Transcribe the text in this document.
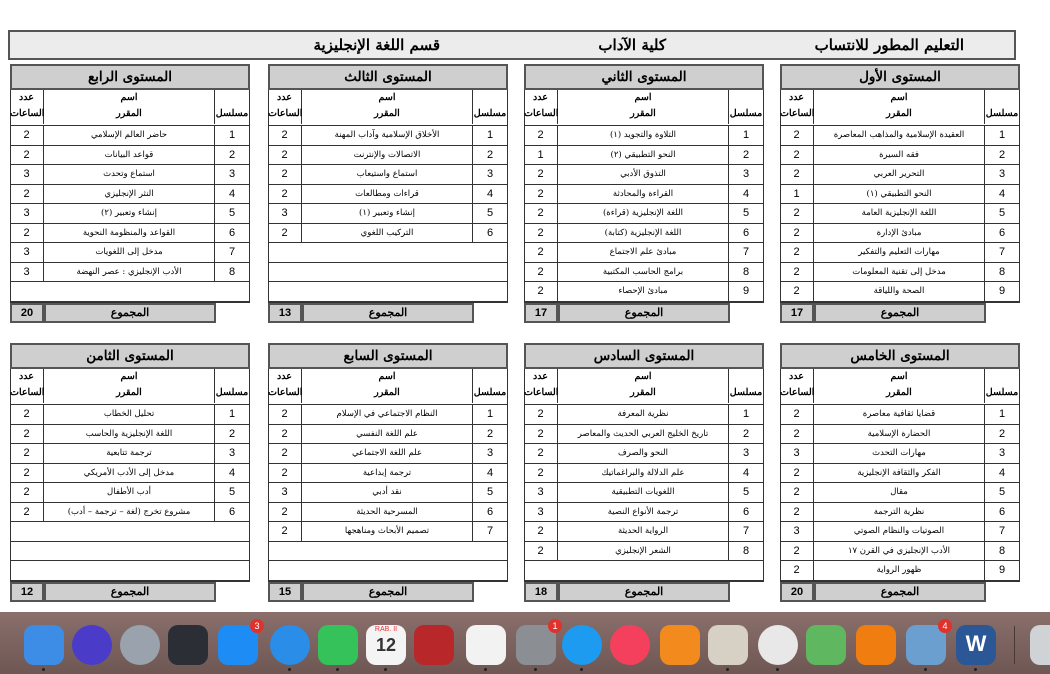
التعليم المطور للانتساب
كلية الآداب
قسم اللغة الإنجليزية
المستوى الأول

مسلسل
اسم
المقرر
عدد
الساعات
1
العقيدة الإسلامية والمذاهب المعاصرة
2
2
فقه السيرة
2
3
التحرير العربي
2
4
النحو التطبيقي (١)
1
5
اللغة الإنجليزية العامة
2
6
مبادئ الإدارة
2
7
مهارات التعليم والتفكير
2
8
مدخل إلى تقنية المعلومات
2
9
الصحة واللياقة
2
المجموع
17
المستوى الثاني

مسلسل
اسم
المقرر
عدد
الساعات
1
التلاوة والتجويد (١)
2
2
النحو التطبيقي (٢)
1
3
التذوق الأدبي
2
4
القراءة والمحادثة
2
5
اللغة الإنجليزية (قراءة)
2
6
اللغة الإنجليزية (كتابة)
2
7
مبادئ علم الاجتماع
2
8
برامج الحاسب المكتبية
2
9
مبادئ الإحصاء
2
المجموع
17
المستوى الثالث

مسلسل
اسم
المقرر
عدد
الساعات
1
الأخلاق الإسلامية وآداب المهنة
2
2
الاتصالات والإنترنت
2
3
استماع واستيعاب
2
4
قراءات ومطالعات
2
5
إنشاء وتعبير (١)
3
6
التركيب اللغوي
2
المجموع
13
المستوى الرابع

مسلسل
اسم
المقرر
عدد
الساعات
1
حاضر العالم الإسلامي
2
2
قواعد البيانات
2
3
استماع وتحدث
3
4
النثر الإنجليزي
2
5
إنشاء وتعبير (٢)
3
6
القواعد والمنظومة النحوية
2
7
مدخل إلى اللغويات
3
8
الأدب الإنجليزي : عصر النهضة
3
المجموع
20
المستوى الخامس

مسلسل
اسم
المقرر
عدد
الساعات
1
قضايا ثقافية معاصرة
2
2
الحضارة الإسلامية
2
3
مهارات التحدث
3
4
الفكر والثقافة الإنجليزية
2
5
مقال
2
6
نظرية الترجمة
2
7
الصوتيات والنظام الصوتي
3
8
الأدب الإنجليزي في القرن ١٧
2
9
ظهور الرواية
2
المجموع
20
المستوى السادس

مسلسل
اسم
المقرر
عدد
الساعات
1
نظرية المعرفة
2
2
تاريخ الخليج العربي الحديث والمعاصر
2
3
النحو والصرف
2
4
علم الدلالة والبراغماتيك
2
5
اللغويات التطبيقية
3
6
ترجمة الأنواع النصية
3
7
الرواية الحديثة
2
8
الشعر الإنجليزي
2
المجموع
18
المستوى السابع

مسلسل
اسم
المقرر
عدد
الساعات
1
النظام الاجتماعي في الإسلام
2
2
علم اللغة النفسي
2
3
علم اللغة الاجتماعي
2
4
ترجمة إبداعية
2
5
نقد أدبي
3
6
المسرحية الحديثة
2
7
تصميم الأبحاث ومناهجها
2
المجموع
15
المستوى الثامن

مسلسل
اسم
المقرر
عدد
الساعات
1
تحليل الخطاب
2
2
اللغة الإنجليزية والحاسب
2
3
ترجمة تتابعية
2
4
مدخل إلى الأدب الأمريكي
2
5
أدب الأطفال
2
6
مشروع تخرج (لغة – ترجمة – أدب)
2
المجموع
12
3	RAB. II
12
1	4
W
